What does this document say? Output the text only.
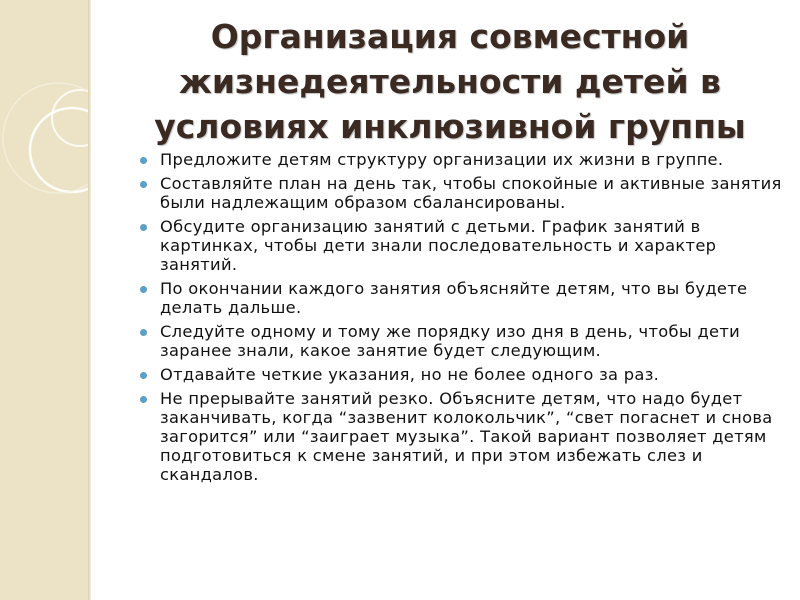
Организация совместной
жизнедеятельности детей в
условиях инклюзивной группы
Предложите детям структуру организации их жизни в группе.
Составляйте план на день так, чтобы спокойные и активные занятия были надлежащим образом сбалансированы.
Обсудите организацию занятий с детьми. График занятий в картинках, чтобы дети знали последовательность и характер занятий.
По окончании каждого занятия объясняйте детям, что вы будете делать дальше.
Следуйте одному и тому же порядку изо дня в день, чтобы дети заранее знали, какое занятие будет следующим.
Отдавайте четкие указания, но не более одного за раз.
Не прерывайте занятий резко. Объясните детям, что надо будет заканчивать, когда “зазвенит колокольчик”, “свет погаснет и снова загорится” или “заиграет музыка”. Такой вариант позволяет детям подготовиться к смене занятий, и при этом избежать слез и скандалов.
